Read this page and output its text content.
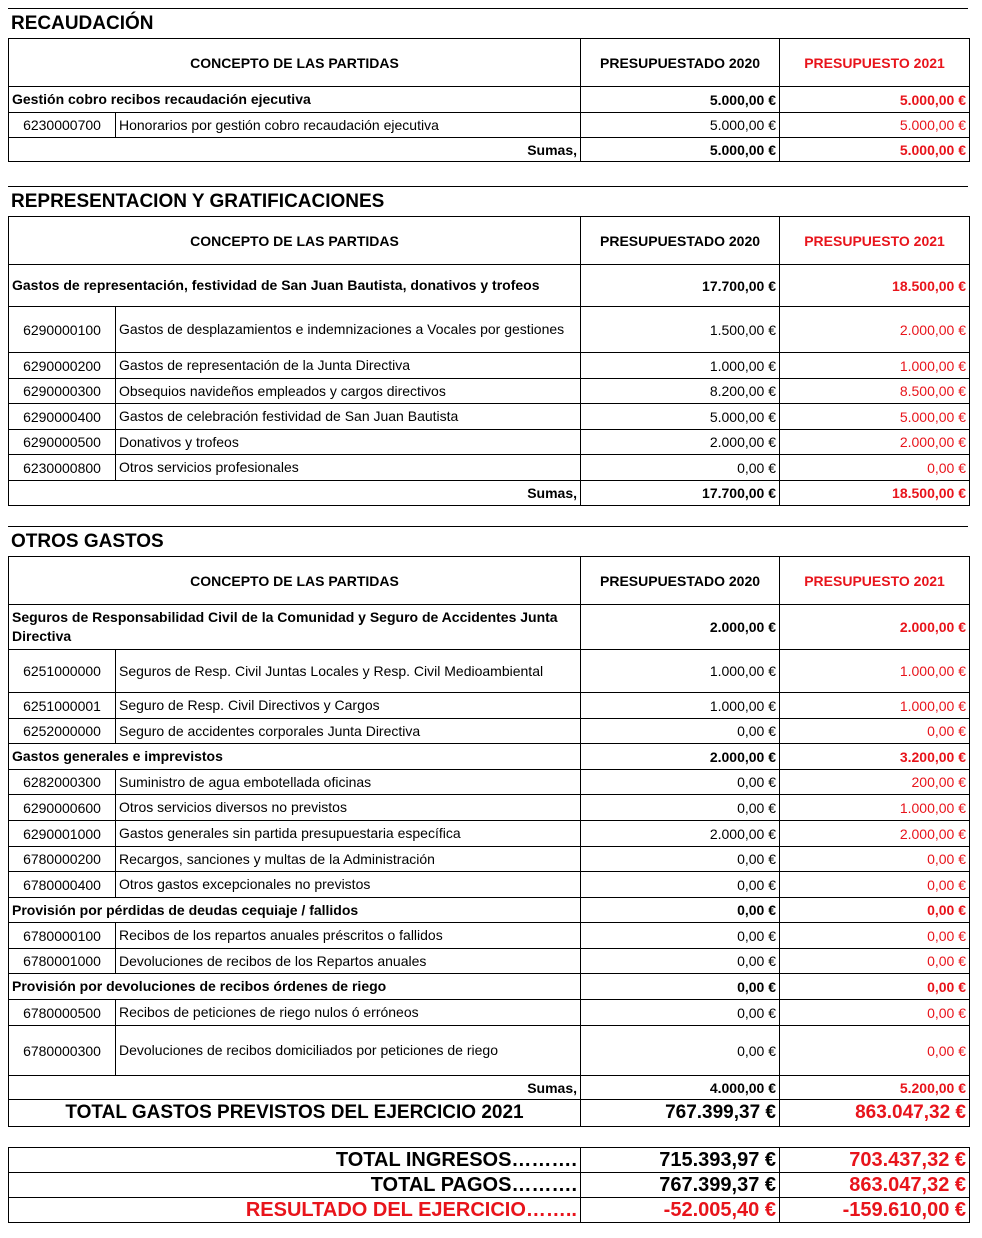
RECAUDACIÓN
CONCEPTO DE LAS PARTIDAS		PRESUPUESTADO 2020	PRESUPUESTO 2021
Gestión cobro recibos recaudación ejecutiva		5.000,00 €	5.000,00 €
6230000700	Honorarios por gestión cobro recaudación ejecutiva	5.000,00 €	5.000,00 €
Sumas,		5.000,00 €	5.000,00 €
REPRESENTACION Y GRATIFICACIONES
CONCEPTO DE LAS PARTIDAS		PRESUPUESTADO 2020	PRESUPUESTO 2021
Gastos de representación, festividad de San Juan Bautista, donativos y trofeos		17.700,00 €	18.500,00 €
6290000100	Gastos de desplazamientos e indemnizaciones a Vocales por gestiones	1.500,00 €	2.000,00 €
6290000200	Gastos de representación de la Junta Directiva	1.000,00 €	1.000,00 €
6290000300	Obsequios navideños empleados y cargos directivos	8.200,00 €	8.500,00 €
6290000400	Gastos de celebración festividad de San Juan Bautista	5.000,00 €	5.000,00 €
6290000500	Donativos y trofeos	2.000,00 €	2.000,00 €
6230000800	Otros servicios profesionales	0,00 €	0,00 €
Sumas,		17.700,00 €	18.500,00 €
OTROS GASTOS
CONCEPTO DE LAS PARTIDAS		PRESUPUESTADO 2020	PRESUPUESTO 2021
Seguros de Responsabilidad Civil de la Comunidad y Seguro de Accidentes Junta Directiva		2.000,00 €	2.000,00 €
6251000000	Seguros de Resp. Civil Juntas Locales y Resp. Civil Medioambiental	1.000,00 €	1.000,00 €
6251000001	Seguro de Resp. Civil Directivos y Cargos	1.000,00 €	1.000,00 €
6252000000	Seguro de accidentes corporales Junta Directiva	0,00 €	0,00 €
Gastos generales e imprevistos		2.000,00 €	3.200,00 €
6282000300	Suministro de agua embotellada oficinas	0,00 €	200,00 €
6290000600	Otros servicios diversos no previstos	0,00 €	1.000,00 €
6290001000	Gastos generales sin partida presupuestaria específica	2.000,00 €	2.000,00 €
6780000200	Recargos, sanciones y multas de la Administración	0,00 €	0,00 €
6780000400	Otros gastos excepcionales no previstos	0,00 €	0,00 €
Provisión por pérdidas de deudas cequiaje / fallidos		0,00 €	0,00 €
6780000100	Recibos de los repartos anuales préscritos o fallidos	0,00 €	0,00 €
6780001000	Devoluciones de recibos de los Repartos anuales	0,00 €	0,00 €
Provisión por devoluciones de recibos órdenes de riego		0,00 €	0,00 €
6780000500	Recibos de peticiones de riego nulos ó erróneos	0,00 €	0,00 €
6780000300	Devoluciones de recibos domiciliados por peticiones de riego	0,00 €	0,00 €
Sumas,		4.000,00 €	5.200,00 €
TOTAL GASTOS PREVISTOS DEL EJERCICIO 2021		767.399,37 €	863.047,32 €
TOTAL INGRESOS……….	715.393,97 €	703.437,32 €
TOTAL PAGOS……….	767.399,37 €	863.047,32 €
RESULTADO DEL EJERCICIO……..	-52.005,40 €	-159.610,00 €
